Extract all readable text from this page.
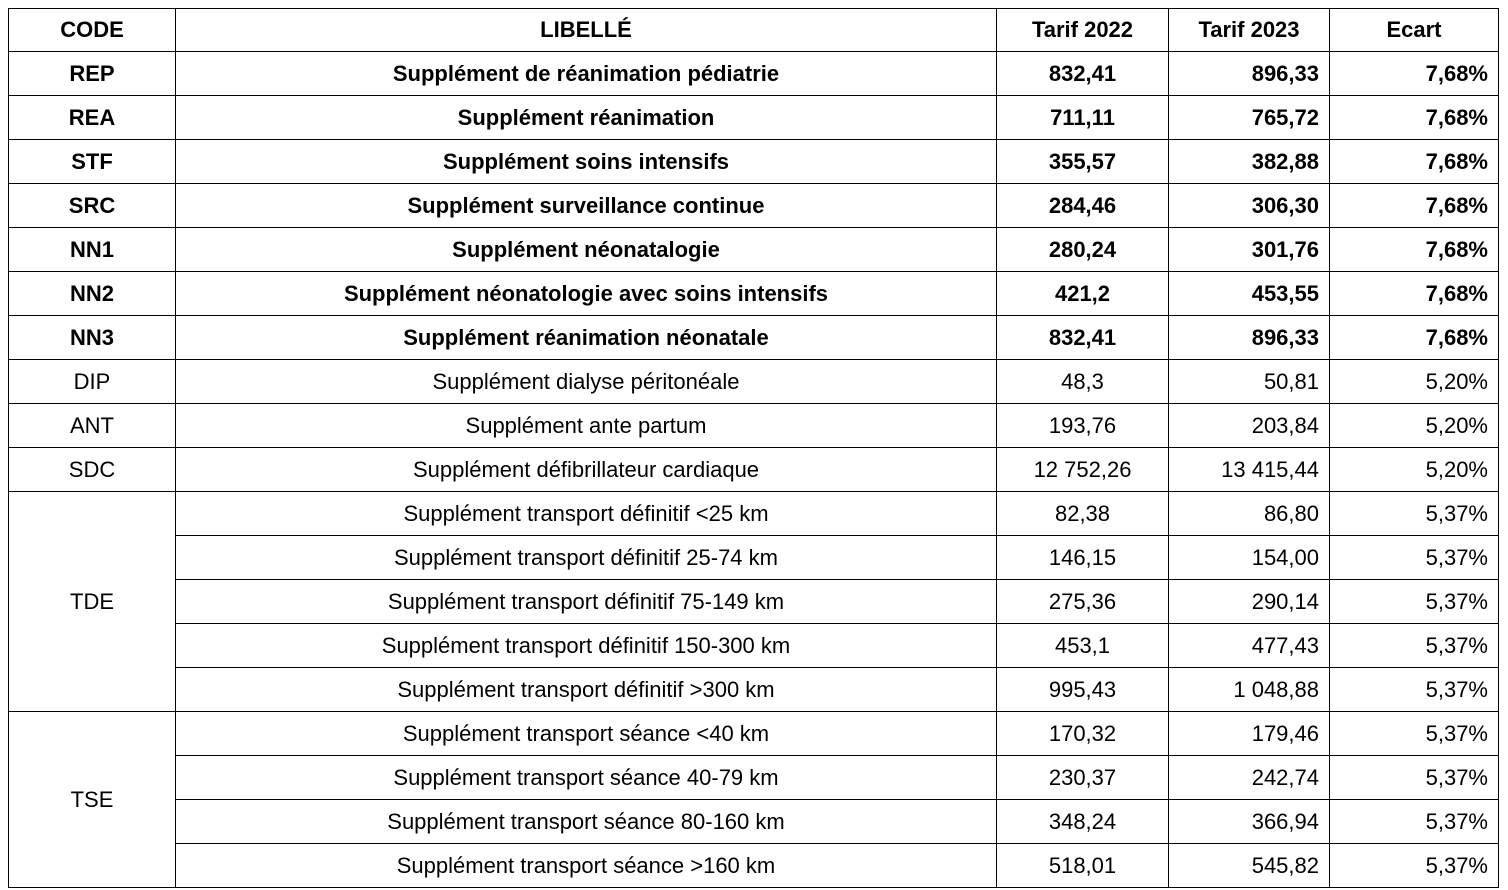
CODE	LIBELLÉ	Tarif 2022	Tarif 2023	Ecart
REP	Supplément de réanimation pédiatrie	832,41	896,33	7,68%
REA	Supplément réanimation	711,11	765,72	7,68%
STF	Supplément soins intensifs	355,57	382,88	7,68%
SRC	Supplément surveillance continue	284,46	306,30	7,68%
NN1	Supplément néonatalogie	280,24	301,76	7,68%
NN2	Supplément néonatologie avec soins intensifs	421,2	453,55	7,68%
NN3	Supplément réanimation néonatale	832,41	896,33	7,68%
DIP	Supplément dialyse péritonéale	48,3	50,81	5,20%
ANT	Supplément ante partum	193,76	203,84	5,20%
SDC	Supplément défibrillateur cardiaque	12 752,26	13 415,44	5,20%
TDE	Supplément transport définitif <25 km	82,38	86,80	5,37%
	Supplément transport définitif 25-74 km	146,15	154,00	5,37%
	Supplément transport définitif 75-149 km	275,36	290,14	5,37%
	Supplément transport définitif 150-300 km	453,1	477,43	5,37%
	Supplément transport définitif >300 km	995,43	1 048,88	5,37%
TSE	Supplément transport séance <40 km	170,32	179,46	5,37%
	Supplément transport séance 40-79 km	230,37	242,74	5,37%
	Supplément transport séance 80-160 km	348,24	366,94	5,37%
	Supplément transport séance >160 km	518,01	545,82	5,37%
